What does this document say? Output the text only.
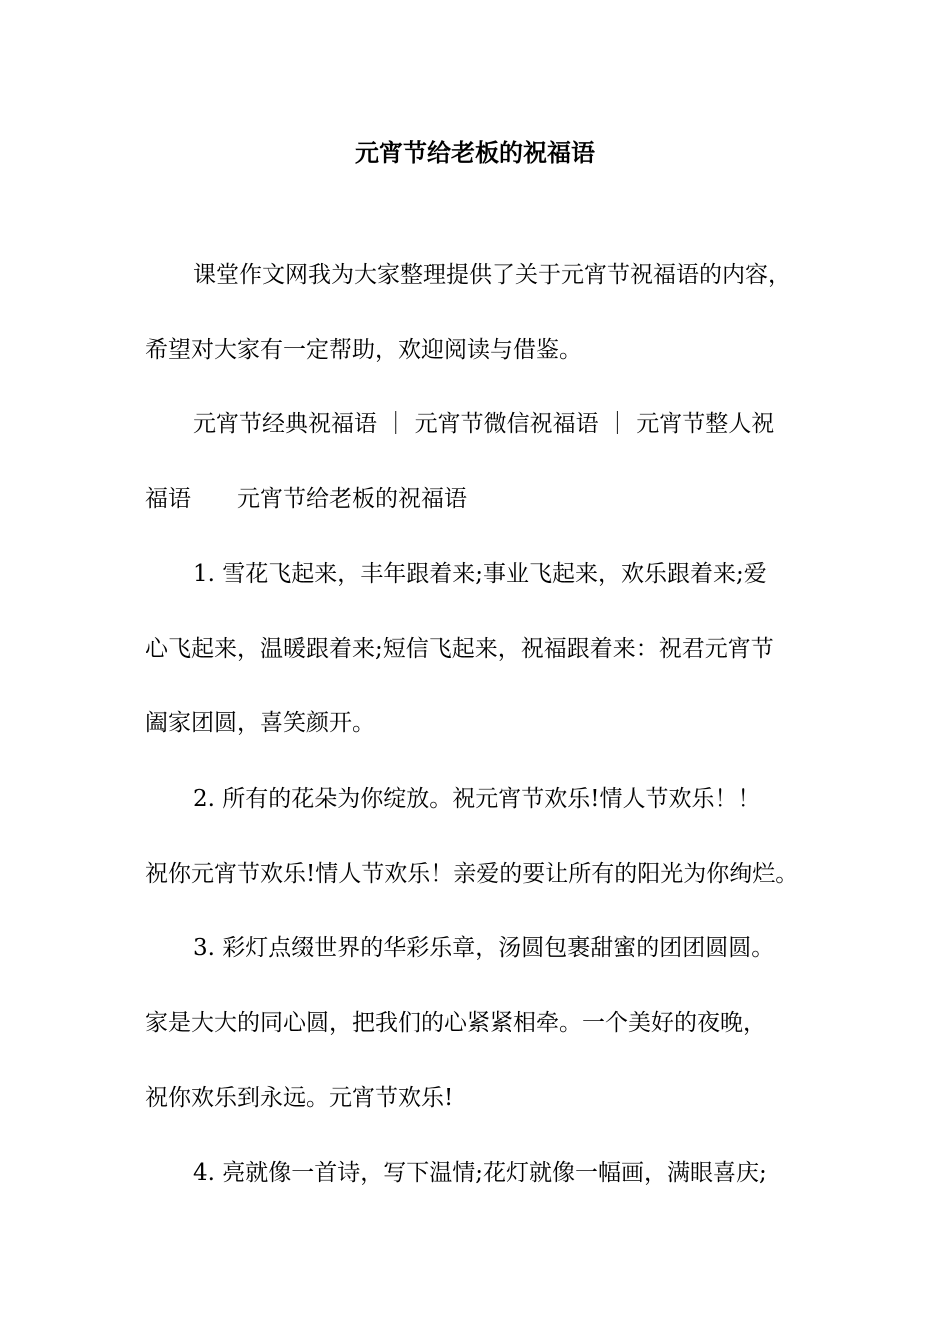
元宵节给老板的祝福语

课堂作文网我为大家整理提供了关于元宵节祝福语的内容，

希望对大家有一定帮助，欢迎阅读与借鉴。

元宵节经典祝福语 ｜ 元宵节微信祝福语 ｜ 元宵节整人祝

福语　　元宵节给老板的祝福语

1. 雪花飞起来，丰年跟着来;事业飞起来，欢乐跟着来;爱

心飞起来，温暖跟着来;短信飞起来，祝福跟着来：祝君元宵节

阖家团圆，喜笑颜开。

2. 所有的花朵为你绽放。祝元宵节欢乐!情人节欢乐！！

祝你元宵节欢乐!情人节欢乐！亲爱的要让所有的阳光为你绚烂。

3. 彩灯点缀世界的华彩乐章，汤圆包裹甜蜜的团团圆圆。

家是大大的同心圆，把我们的心紧紧相牵。一个美好的夜晚，

祝你欢乐到永远。元宵节欢乐!

4. 亮就像一首诗，写下温情;花灯就像一幅画，满眼喜庆;
